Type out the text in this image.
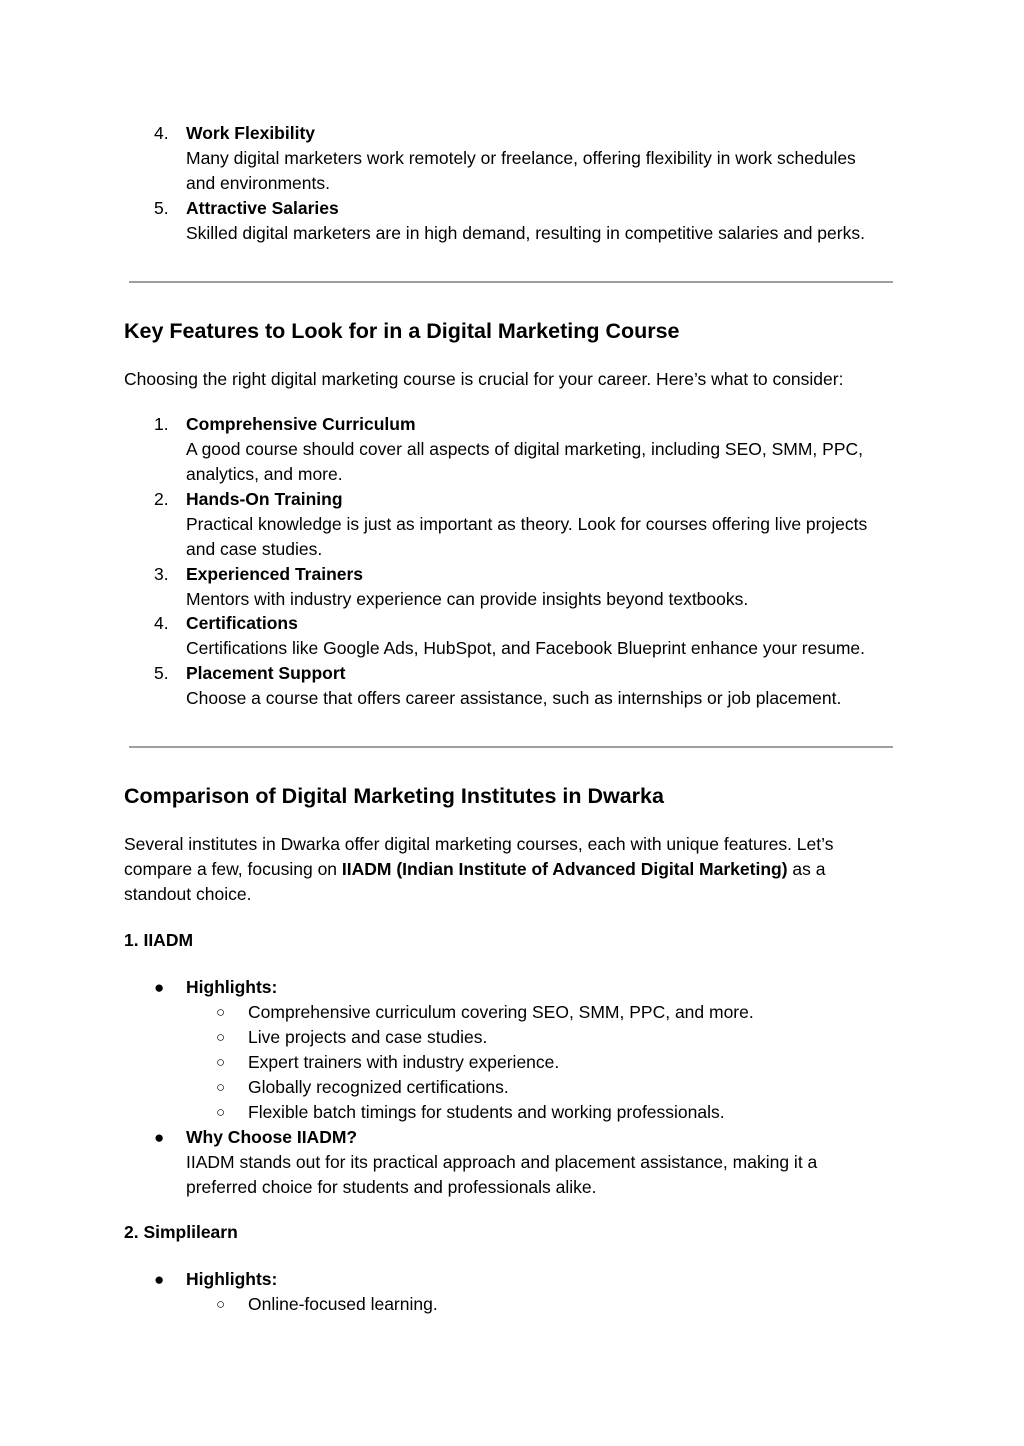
4. Work Flexibility
Many digital marketers work remotely or freelance, offering flexibility in work schedules
and environments.
5. Attractive Salaries
Skilled digital marketers are in high demand, resulting in competitive salaries and perks.
Key Features to Look for in a Digital Marketing Course
Choosing the right digital marketing course is crucial for your career. Here’s what to consider:
1. Comprehensive Curriculum
A good course should cover all aspects of digital marketing, including SEO, SMM, PPC,
analytics, and more.
2. Hands-On Training
Practical knowledge is just as important as theory. Look for courses offering live projects
and case studies.
3. Experienced Trainers
Mentors with industry experience can provide insights beyond textbooks.
4. Certifications
Certifications like Google Ads, HubSpot, and Facebook Blueprint enhance your resume.
5. Placement Support
Choose a course that offers career assistance, such as internships or job placement.
Comparison of Digital Marketing Institutes in Dwarka
Several institutes in Dwarka offer digital marketing courses, each with unique features. Let’s
compare a few, focusing on IIADM (Indian Institute of Advanced Digital Marketing) as a
standout choice.
1. IIADM
● Highlights:
○ Comprehensive curriculum covering SEO, SMM, PPC, and more.
○ Live projects and case studies.
○ Expert trainers with industry experience.
○ Globally recognized certifications.
○ Flexible batch timings for students and working professionals.
● Why Choose IIADM?
IIADM stands out for its practical approach and placement assistance, making it a
preferred choice for students and professionals alike.
2. Simplilearn
● Highlights:
○ Online-focused learning.
